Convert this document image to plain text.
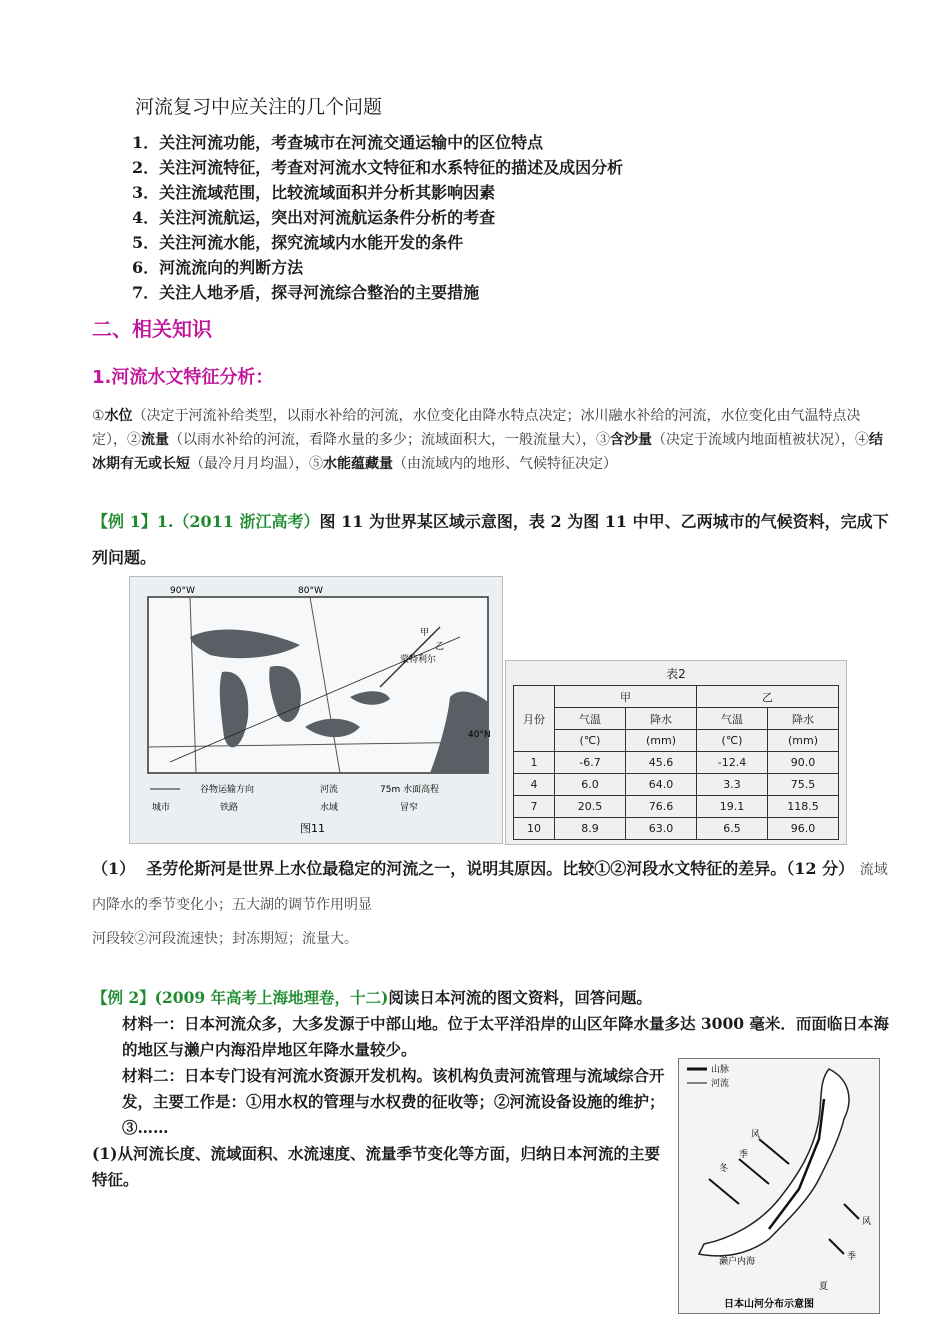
河流复习中应关注的几个问题
1．关注河流功能，考查城市在河流交通运输中的区位特点
2．关注河流特征，考查对河流水文特征和水系特征的描述及成因分析
3．关注流域范围，比较流域面积并分析其影响因素
4．关注河流航运，突出对河流航运条件分析的考查
5．关注河流水能，探究流域内水能开发的条件
6．河流流向的判断方法
7．关注人地矛盾，探寻河流综合整治的主要措施
二、相关知识
1.河流水文特征分析：
①水位（决定于河流补给类型，以雨水补给的河流，水位变化由降水特点决定；冰川融水补给的河流，水位变化由气温特点决定），②流量（以雨水补给的河流，看降水量的多少；流域面积大，一般流量大），③含沙量（决定于流域内地面植被状况），④结冰期有无或长短（最冷月月均温），⑤水能蕴藏量（由流域内的地形、气候特征决定）
【例 1】1.（2011 浙江高考）图 11 为世界某区域示意图，表 2 为图 11 中甲、乙两城市的气候资料，完成下列问题。
90°W	80°W
40°N
甲
乙
蒙特利尔
谷物运输方向	河流	75m 水面高程
城市	铁路	水域	冒窄
图11
表2
月份	甲		乙	
	气温	降水	气温	降水
	(℃)	(mm)	(℃)	(mm)
1	-6.7	45.6	-12.4	90.0
4	6.0	64.0	3.3	75.5
7	20.5	76.6	19.1	118.5
10	8.9	63.0	6.5	96.0
（1） 圣劳伦斯河是世界上水位最稳定的河流之一，说明其原因。比较①②河段水文特征的差异。（12 分） 流域内降水的季节变化小；五大湖的调节作用明显
河段较②河段流速快；封冻期短；流量大。
【例 2】(2009 年高考上海地理卷，十二)阅读日本河流的图文资料，回答问题。
材料一：日本河流众多，大多发源于中部山地。位于太平洋沿岸的山区年降水量多达 3000 毫米．而面临日本海的地区与濑户内海沿岸地区年降水量较少。
材料二：日本专门设有河流水资源开发机构。该机构负责河流管理与流域综合开发，主要工作是：①用水权的管理与水权费的征收等；②河流设备设施的维护；③……
(1)从河流长度、流域面积、水流速度、流量季节变化等方面，归纳日本河流的主要特征。
山脉
河流
风
季
冬
风
季
夏
濑户内海
日本山河分布示意图
